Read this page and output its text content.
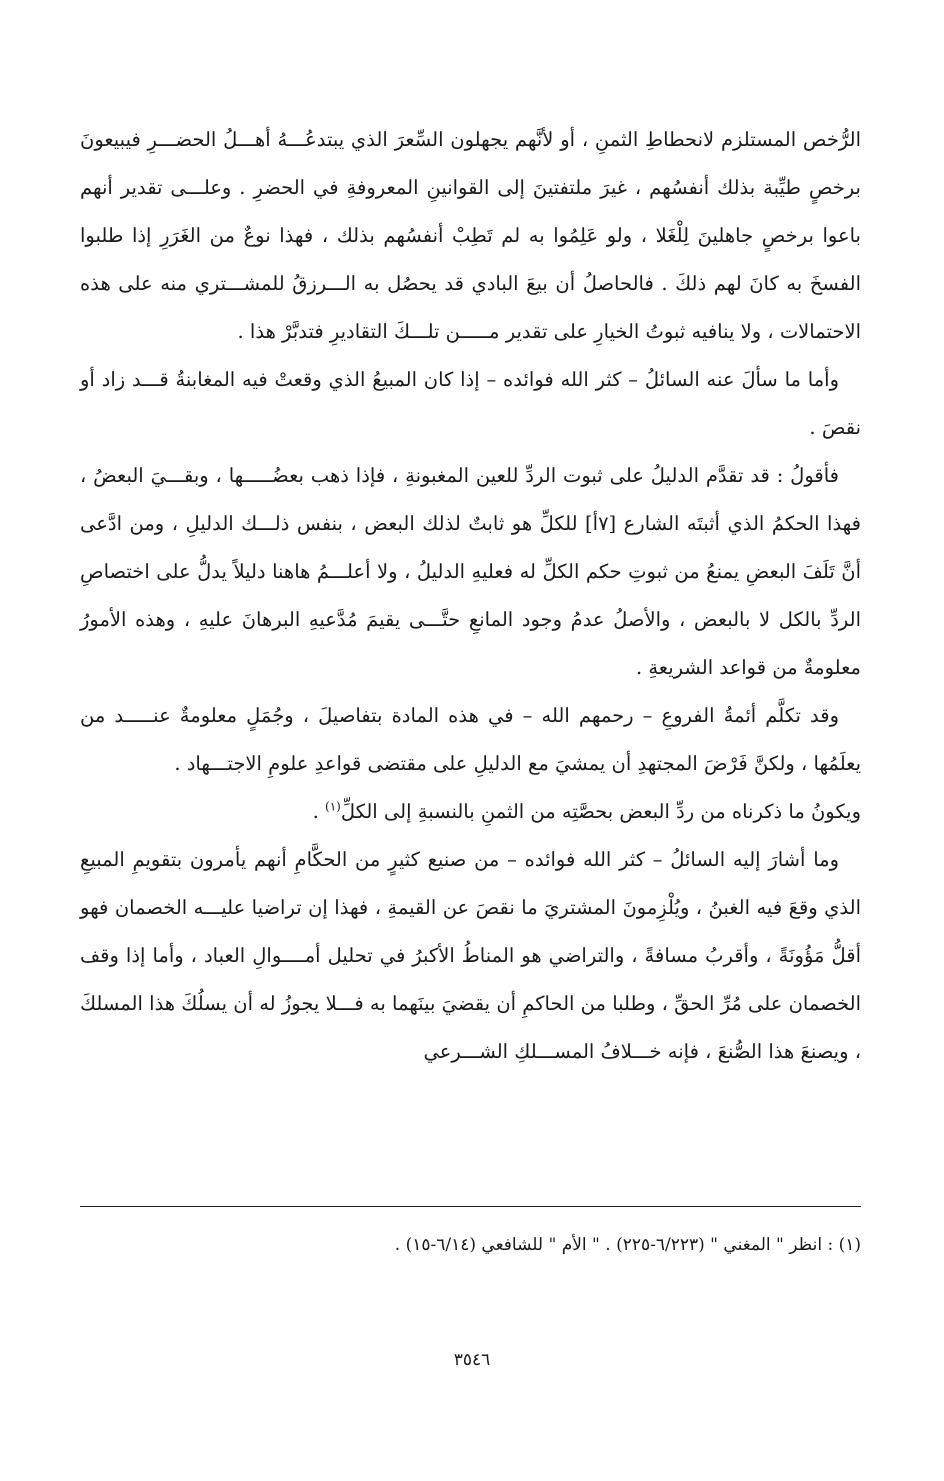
الرُّخص المستلزم لانحطاطِ الثمنِ ، أو لأنَّهم يجهلون السِّعرَ الذي يبتدعُـــهُ أهـــلُ الحضـــرِ فيبيعونَ برخصٍ طيِّبة بذلك أنفسُهم ، غيرَ ملتفتينَ إلى القوانينِ المعروفةِ في الحضرِ . وعلـــى تقدير أنهم باعوا برخصٍ جاهلينَ لِلْغَلا ، ولو عَلِمُوا به لم تَطِبْ أنفسُهم بذلك ، فهذا نوعٌ من الغَرَرِ إذا طلبوا الفسخَ به كانَ لهم ذلكَ . فالحاصلُ أن بيعَ البادي قد يحصُل به الـــرزقُ للمشـــتري منه على هذه الاحتمالات ، ولا ينافيه ثبوتُ الخيارِ على تقدير مـــــن تلـــكَ التقاديرِ فتدبَّرْ هذا .

وأما ما سألَ عنه السائلُ – كثر الله فوائده – إذا كان المبيعُ الذي وقعتْ فيه المغابنةُ قـــد زاد أو نقصَ .

فأقولُ : قد تقدَّم الدليلُ على ثبوت الردِّ للعين المغبونةِ ، فإذا ذهب بعضُـــــها ، وبقـــيَ البعضُ ، فهذا الحكمُ الذي أثبتَه الشارع [٧أ] للكلِّ هو ثابتٌ لذلك البعض ، بنفس ذلـــك الدليلِ ، ومن ادَّعى أنَّ تَلَفَ البعضِ يمنعُ من ثبوتِ حكم الكلِّ له فعليهِ الدليلُ ، ولا أعلـــمُ هاهنا دليلاً يدلُّ على اختصاصِ الردِّ بالكل لا بالبعض ، والأصلُ عدمُ وجود المانعِ حتَّـــى يقيمَ مُدَّعيهِ البرهانَ عليهِ ، وهذه الأمورُ معلومةٌ من قواعد الشريعةِ .

وقد تكلَّم أئمةُ الفروعِ – رحمهم الله – في هذه المادة بتفاصيلَ ، وجُمَلٍ معلومةٌ عنـــــد من يعلَمُها ، ولكنَّ فَرْضَ المجتهدِ أن يمشيَ مع الدليلِ على مقتضى قواعدِ علومِ الاجتـــهاد .

ويكونُ ما ذكرناه من ردِّ البعض بحصَّتِه من الثمنِ بالنسبةِ إلى الكلِّ$^{(١)}$ .

وما أشارَ إليه السائلُ – كثر الله فوائده – من صنيع كثيرٍ من الحكَّامِ أنهم يأمرون بتقويمِ المبيعِ الذي وقعَ فيه الغبنُ ، ويُلْزِمونَ المشتريَ ما نقصَ عن القيمةِ ، فهذا إن تراضيا عليـــه الخصمان فهو أقلُّ مَؤُونَةً ، وأقربُ مسافةً ، والتراضي هو المناطُ الأكبرُ في تحليل أمــــوالِ العباد ، وأما إذا وقف الخصمان على مُرِّ الحقِّ ، وطلبا من الحاكمِ أن يقضيَ بينَهما به فـــلا يجوزُ له أن يسلُكَ هذا المسلكَ ، ويصنعَ هذا الصُّنعَ ، فإنه خـــلافُ المســـلكِ الشـــرعي

(١) : انظر " المغني " (٦/٢٢٣-٢٢٥) . " الأم " للشافعي (٦/١٤-١٥) .
٣٥٤٦
